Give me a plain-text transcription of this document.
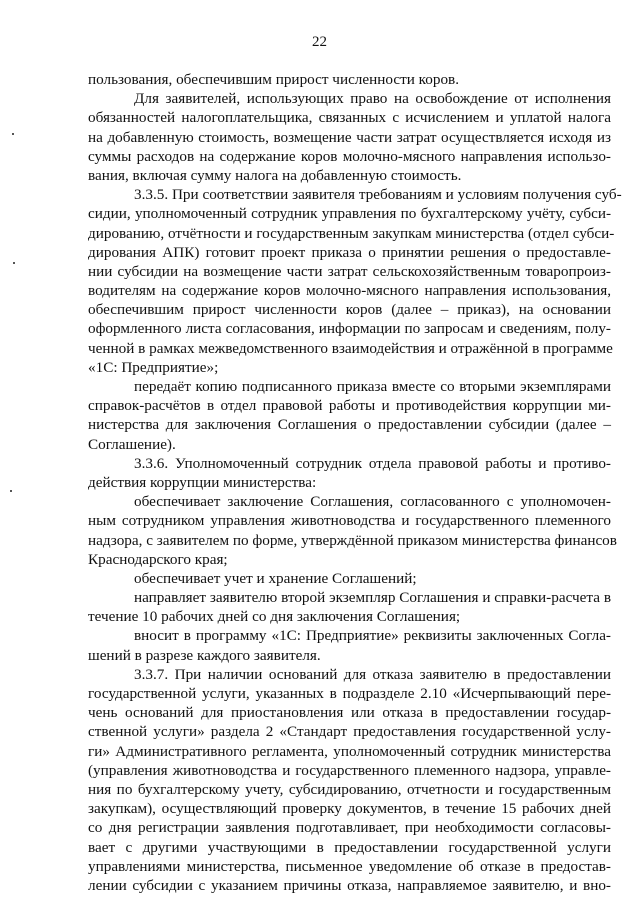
22
пользования, обеспечившим прирост численности коров.
Для заявителей, использующих право на освобождение от исполнения
обязанностей налогоплательщика, связанных с исчислением и уплатой налога
на добавленную стоимость, возмещение части затрат осуществляется исходя из
суммы расходов на содержание коров молочно-мясного направления использо-
вания, включая сумму налога на добавленную стоимость.
3.3.5. При соответствии заявителя требованиям и условиям получения суб-
сидии, уполномоченный сотрудник управления по бухгалтерскому учёту, субси-
дированию, отчётности и государственным закупкам министерства (отдел субси-
дирования АПК) готовит проект приказа о принятии решения о предоставле-
нии субсидии на возмещение части затрат сельскохозяйственным товаропроиз-
водителям на содержание коров молочно-мясного направления использования,
обеспечившим прирост численности коров (далее – приказ), на основании
оформленного листа согласования, информации по запросам и сведениям, полу-
ченной в рамках межведомственного взаимодействия и отражённой в программе
«1С: Предприятие»;
передаёт копию подписанного приказа вместе со вторыми экземплярами
справок-расчётов в отдел правовой работы и противодействия коррупции ми-
нистерства для заключения Соглашения о предоставлении субсидии (далее –
Соглашение).
3.3.6. Уполномоченный сотрудник отдела правовой работы и противо-
действия коррупции министерства:
обеспечивает заключение Соглашения, согласованного с уполномочен-
ным сотрудником управления животноводства и государственного племенного
надзора, с заявителем по форме, утверждённой приказом министерства финансов
Краснодарского края;
обеспечивает учет и хранение Соглашений;
направляет заявителю второй экземпляр Соглашения и справки-расчета в
течение 10 рабочих дней со дня заключения Соглашения;
вносит в программу «1С: Предприятие» реквизиты заключенных Согла-
шений в разрезе каждого заявителя.
3.3.7. При наличии оснований для отказа заявителю в предоставлении
государственной услуги, указанных в подразделе 2.10 «Исчерпывающий пере-
чень оснований для приостановления или отказа в предоставлении государ-
ственной услуги» раздела 2 «Стандарт предоставления государственной услу-
ги» Административного регламента, уполномоченный сотрудник министерства
(управления животноводства и государственного племенного надзора, управле-
ния по бухгалтерскому учету, субсидированию, отчетности и государственным
закупкам), осуществляющий проверку документов, в течение 15 рабочих дней
со дня регистрации заявления подготавливает, при необходимости согласовы-
вает с другими участвующими в предоставлении государственной услуги
управлениями министерства, письменное уведомление об отказе в предостав-
лении субсидии с указанием причины отказа, направляемое заявителю, и вно-
